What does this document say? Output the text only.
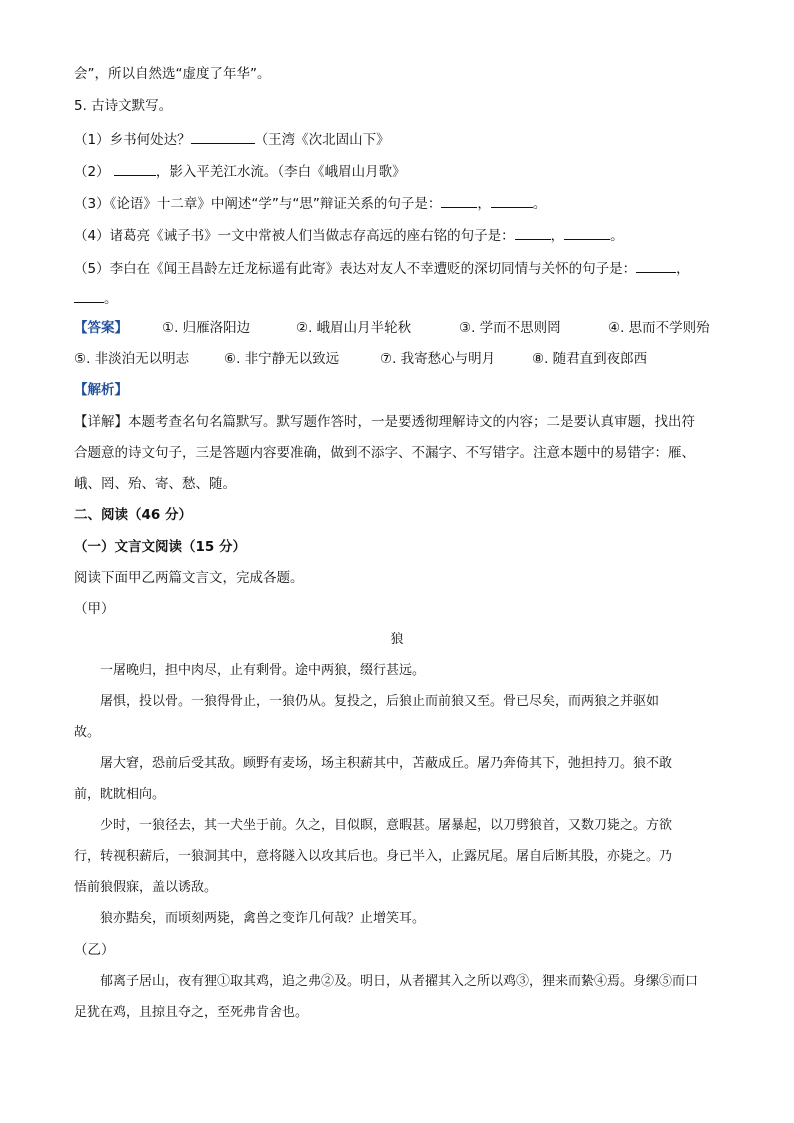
会”，所以自然选“虚度了年华”。
5. 古诗文默写。
（1）乡书何处达？	（王湾《次北固山下》
（2）	，影入平羌江水流。（李白《峨眉山月歌》
（3）《论语》十二章》中阐述“学”与“思”辩证关系的句子是：	，	。
（4）诸葛亮《诫子书》一文中常被人们当做志存高远的座右铭的句子是：	，	。
（5）李白在《闻王昌龄左迁龙标遥有此寄》表达对友人不幸遭贬的深切同情与关怀的句子是：	，
。
【答案】	①. 归雁洛阳边	②. 峨眉山月半轮秋	③. 学而不思则罔	④. 思而不学则殆
⑤. 非淡泊无以明志	⑥. 非宁静无以致远	⑦. 我寄愁心与明月	⑧. 随君直到夜郎西
【解析】
【详解】本题考查名句名篇默写。默写题作答时，一是要透彻理解诗文的内容；二是要认真审题，找出符
合题意的诗文句子，三是答题内容要准确，做到不添字、不漏字、不写错字。注意本题中的易错字：雁、
峨、罔、殆、寄、愁、随。
二、阅读（46 分）
（一）文言文阅读（15 分）
阅读下面甲乙两篇文言文，完成各题。
（甲）
狼
一屠晚归，担中肉尽，止有剩骨。途中两狼，缀行甚远。
屠惧，投以骨。一狼得骨止，一狼仍从。复投之，后狼止而前狼又至。骨已尽矣，而两狼之并驱如
故。
屠大窘，恐前后受其敌。顾野有麦场，场主积薪其中，苫蔽成丘。屠乃奔倚其下，弛担持刀。狼不敢
前，眈眈相向。
少时，一狼径去，其一犬坐于前。久之，目似瞑，意暇甚。屠暴起，以刀劈狼首，又数刀毙之。方欲
行，转视积薪后，一狼洞其中，意将隧入以攻其后也。身已半入，止露尻尾。屠自后断其股，亦毙之。乃
悟前狼假寐，盖以诱敌。
狼亦黠矣，而顷刻两毙，禽兽之变诈几何哉？止增笑耳。
（乙）
郁离子居山，夜有狸①取其鸡，追之弗②及。明日，从者擢其入之所以鸡③，狸来而絷④焉。身缧⑤而口
足犹在鸡，且掠且夺之，至死弗肯舍也。
